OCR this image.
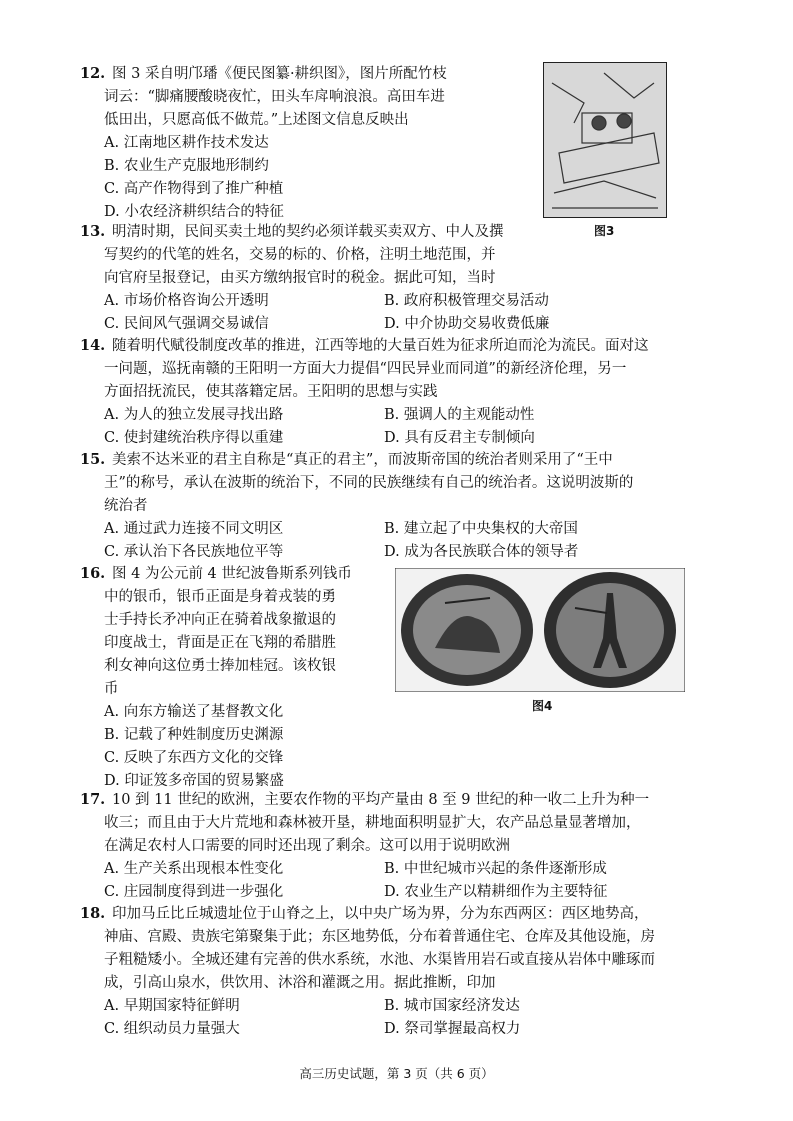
12. 图 3 采自明邝璠《便民图纂·耕织图》，图片所配竹枝
词云：“脚痛腰酸晓夜忙，田头车戽响浪浪。高田车进
低田出，只愿高低不做荒。”上述图文信息反映出
A. 江南地区耕作技术发达
B. 农业生产克服地形制约
C. 高产作物得到了推广种植
D. 小农经济耕织结合的特征
图3
13. 明清时期，民间买卖土地的契约必须详载买卖双方、中人及撰
写契约的代笔的姓名，交易的标的、价格，注明土地范围，并
向官府呈报登记，由买方缴纳报官时的税金。据此可知，当时
A. 市场价格咨询公开透明	B. 政府积极管理交易活动
C. 民间风气强调交易诚信	D. 中介协助交易收费低廉
14. 随着明代赋役制度改革的推进，江西等地的大量百姓为征求所迫而沦为流民。面对这
一问题，巡抚南赣的王阳明一方面大力提倡“四民异业而同道”的新经济伦理，另一
方面招抚流民，使其落籍定居。王阳明的思想与实践
A. 为人的独立发展寻找出路	B. 强调人的主观能动性
C. 使封建统治秩序得以重建	D. 具有反君主专制倾向
15. 美索不达米亚的君主自称是“真正的君主”，而波斯帝国的统治者则采用了“王中
王”的称号，承认在波斯的统治下，不同的民族继续有自己的统治者。这说明波斯的
统治者
A. 通过武力连接不同文明区	B. 建立起了中央集权的大帝国
C. 承认治下各民族地位平等	D. 成为各民族联合体的领导者
16. 图 4 为公元前 4 世纪波鲁斯系列钱币
中的银币，银币正面是身着戎装的勇
士手持长矛冲向正在骑着战象撤退的
印度战士，背面是正在飞翔的希腊胜
利女神向这位勇士捧加桂冠。该枚银
币
A. 向东方输送了基督教文化
B. 记载了种姓制度历史渊源
C. 反映了东西方文化的交锋
D. 印证笈多帝国的贸易繁盛
图4
17. 10 到 11 世纪的欧洲，主要农作物的平均产量由 8 至 9 世纪的种一收二上升为种一
收三；而且由于大片荒地和森林被开垦，耕地面积明显扩大，农产品总量显著增加，
在满足农村人口需要的同时还出现了剩余。这可以用于说明欧洲
A. 生产关系出现根本性变化	B. 中世纪城市兴起的条件逐渐形成
C. 庄园制度得到进一步强化	D. 农业生产以精耕细作为主要特征
18. 印加马丘比丘城遗址位于山脊之上，以中央广场为界，分为东西两区：西区地势高，
神庙、宫殿、贵族宅第聚集于此；东区地势低，分布着普通住宅、仓库及其他设施，房
子粗糙矮小。全城还建有完善的供水系统，水池、水渠皆用岩石或直接从岩体中雕琢而
成，引高山泉水，供饮用、沐浴和灌溉之用。据此推断，印加
A. 早期国家特征鲜明	B. 城市国家经济发达
C. 组织动员力量强大	D. 祭司掌握最高权力
高三历史试题，第 3 页（共 6 页）
